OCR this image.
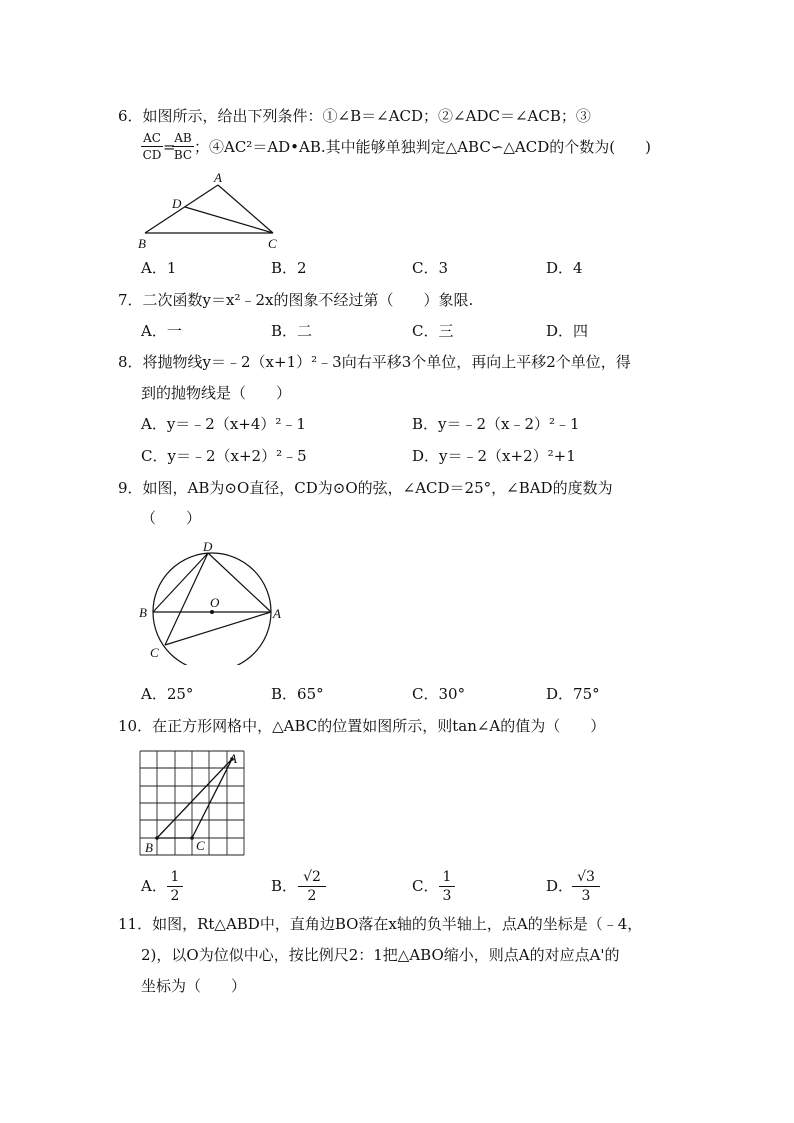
6．如图所示，给出下列条件：①∠B＝∠ACD；②∠ADC＝∠ACB；③
AC
CD =
AB
BC ；④AC²＝AD•AB.其中能够单独判定△ABC∽△ACD的个数为(　　)
A
D
B	C
A．1	B．2	C．3	D．4
7．二次函数y＝x²﹣2x的图象不经过第（　　）象限.
A．一	B．二	C．三	D．四
8．将抛物线y＝﹣2（x+1）²﹣3向右平移3个单位，再向上平移2个单位，得
到的抛物线是（　　）
A．y＝﹣2（x+4）²﹣1	B．y＝﹣2（x﹣2）²﹣1
C．y＝﹣2（x+2）²﹣5	D．y＝﹣2（x+2）²+1
9．如图，AB为⊙O直径，CD为⊙O的弦，∠ACD＝25°，∠BAD的度数为
（　　）
D
B	A
O
C
A．25°	B．65°	C．30°	D．75°
10．在正方形网格中，△ABC的位置如图所示，则tan∠A的值为（　　）
A
B	C
A． 1
2
B． √2
2
C． 1
3
D． √3
3
11．如图，Rt△ABD中，直角边BO落在x轴的负半轴上，点A的坐标是（﹣4，
2)，以O为位似中心，按比例尺2：1把△ABO缩小，则点A的对应点A'的
坐标为（　　）
